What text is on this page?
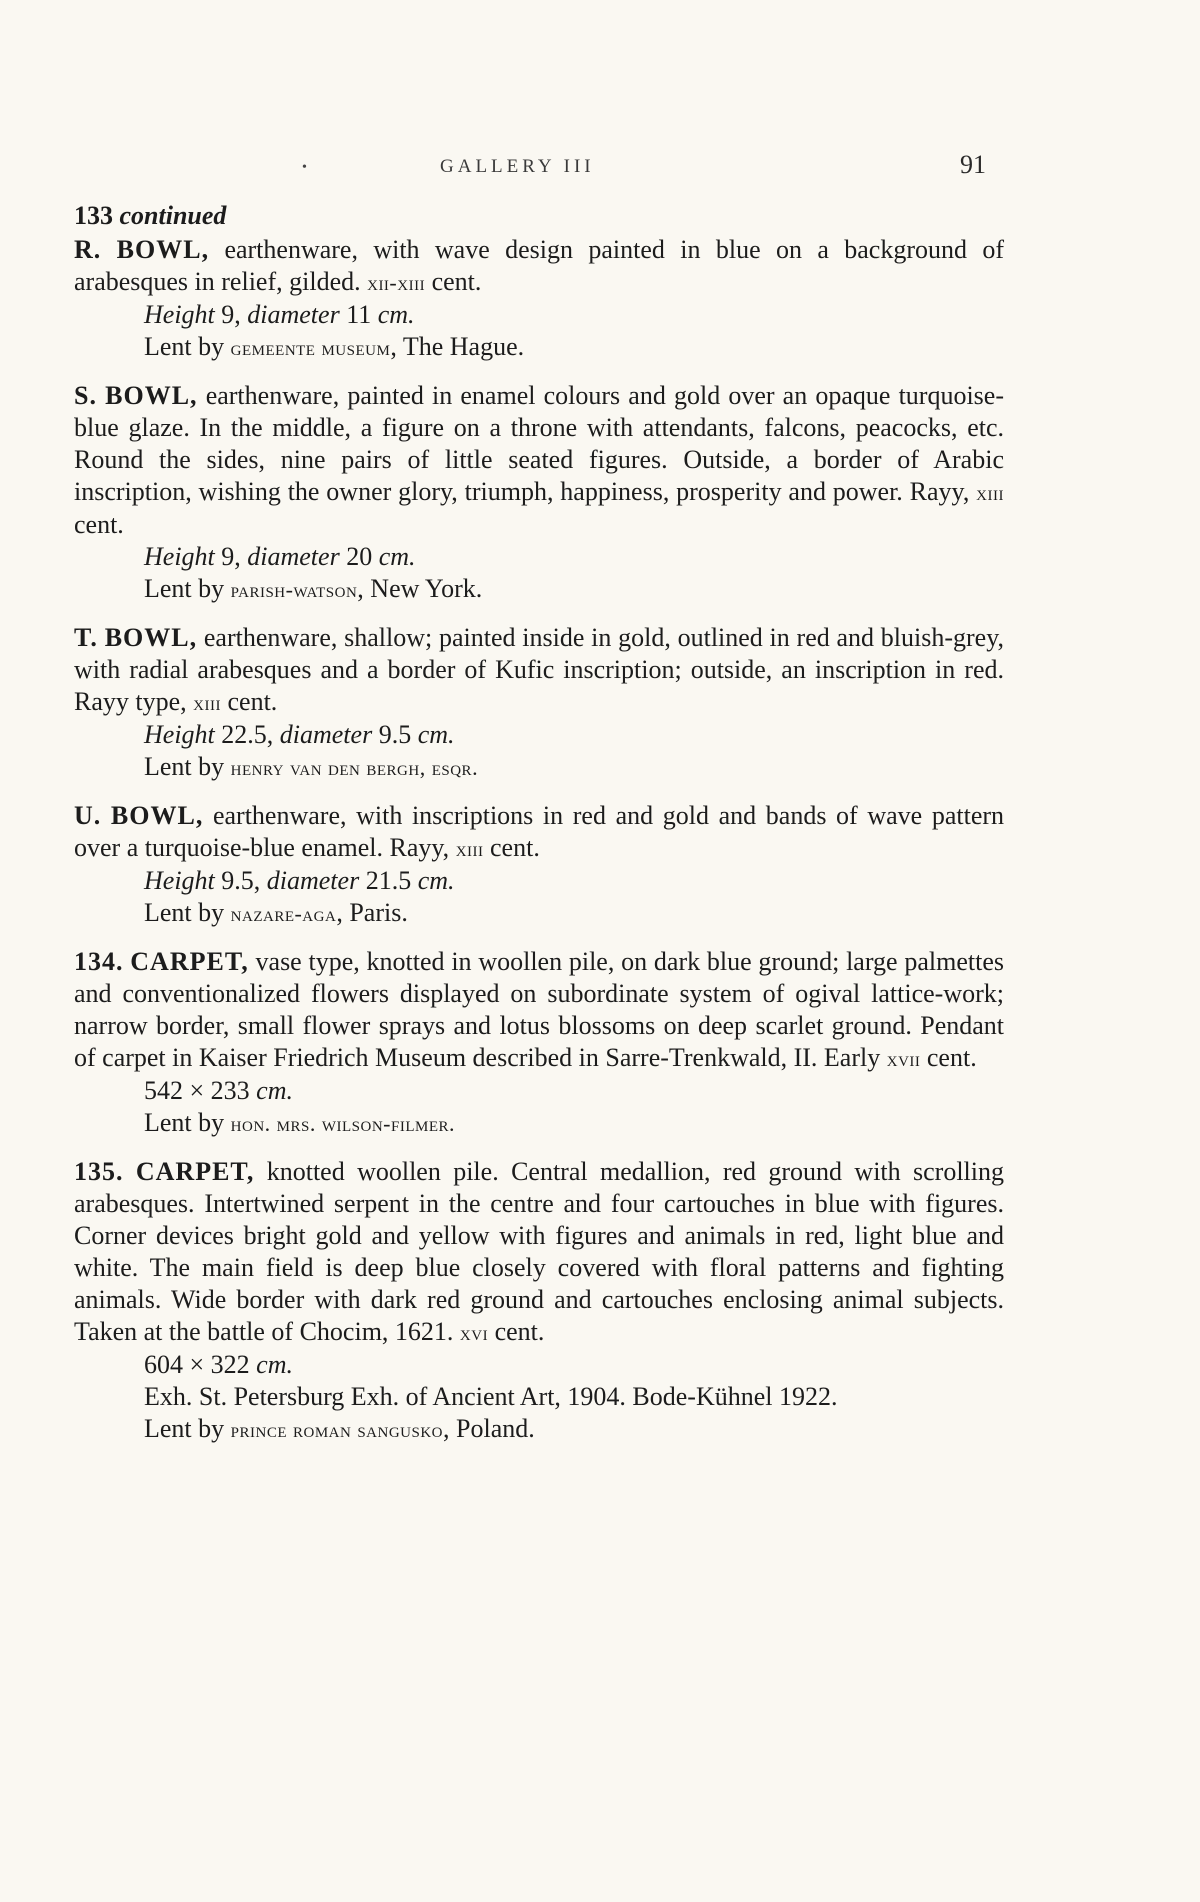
•	GALLERY III	91
133 continued

R. BOWL, earthenware, with wave design painted in blue on a background of arabesques in relief, gilded. xii-xiii cent.

Height 9, diameter 11 cm.

Lent by gemeente museum, The Hague.

S. BOWL, earthenware, painted in enamel colours and gold over an opaque turquoise-blue glaze. In the middle, a figure on a throne with attendants, falcons, peacocks, etc. Round the sides, nine pairs of little seated figures. Outside, a border of Arabic inscription, wishing the owner glory, triumph, happiness, prosperity and power. Rayy, xiii cent.

Height 9, diameter 20 cm.

Lent by parish-watson, New York.

T. BOWL, earthenware, shallow; painted inside in gold, outlined in red and bluish-grey, with radial arabesques and a border of Kufic inscription; outside, an inscription in red. Rayy type, xiii cent.

Height 22.5, diameter 9.5 cm.

Lent by henry van den bergh, esqr.

U. BOWL, earthenware, with inscriptions in red and gold and bands of wave pattern over a turquoise-blue enamel. Rayy, xiii cent.

Height 9.5, diameter 21.5 cm.

Lent by nazare-aga, Paris.

134. CARPET, vase type, knotted in woollen pile, on dark blue ground; large palmettes and conventionalized flowers displayed on subordinate system of ogival lattice-work; narrow border, small flower sprays and lotus blossoms on deep scarlet ground. Pendant of carpet in Kaiser Friedrich Museum described in Sarre-Trenkwald, II. Early xvii cent.

542 × 233 cm.

Lent by hon. mrs. wilson-filmer.

135. CARPET, knotted woollen pile. Central medallion, red ground with scrolling arabesques. Intertwined serpent in the centre and four cartouches in blue with figures. Corner devices bright gold and yellow with figures and animals in red, light blue and white. The main field is deep blue closely covered with floral patterns and fighting animals. Wide border with dark red ground and cartouches enclosing animal subjects. Taken at the battle of Chocim, 1621. xvi cent.

604 × 322 cm.

Exh. St. Petersburg Exh. of Ancient Art, 1904. Bode-Kühnel 1922.

Lent by prince roman sangusko, Poland.
